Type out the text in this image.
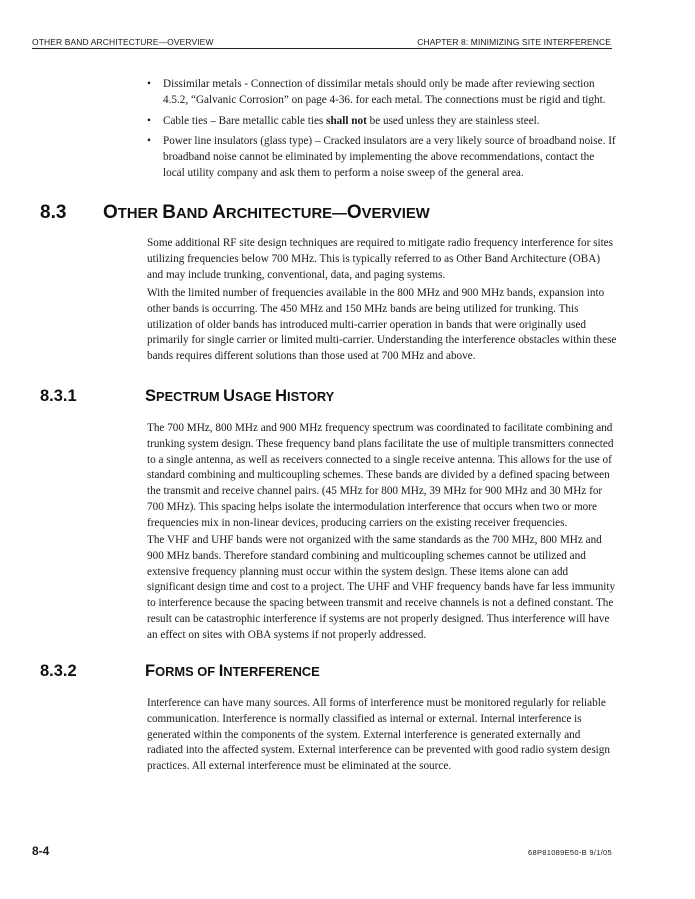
OTHER BAND ARCHITECTURE—OVERVIEW	CHAPTER 8: MINIMIZING SITE INTERFERENCE
• Dissimilar metals - Connection of dissimilar metals should only be made after reviewing section 4.5.2, “Galvanic Corrosion” on page 4-36. for each metal. The connections must be rigid and tight.
• Cable ties – Bare metallic cable ties shall not be used unless they are stainless steel.
• Power line insulators (glass type) – Cracked insulators are a very likely source of broadband noise. If broadband noise cannot be eliminated by implementing the above recommendations, contact the local utility company and ask them to perform a noise sweep of the general area.
8.3 OTHER BAND ARCHITECTURE—OVERVIEW

Some additional RF site design techniques are required to mitigate radio frequency interference for sites utilizing frequencies below 700 MHz. This is typically referred to as Other Band Architecture (OBA) and may include trunking, conventional, data, and paging systems.

With the limited number of frequencies available in the 800 MHz and 900 MHz bands, expansion into other bands is occurring. The 450 MHz and 150 MHz bands are being utilized for trunking. This utilization of older bands has introduced multi-carrier operation in bands that were originally used primarily for single carrier or limited multi-carrier. Understanding the interference obstacles within these bands requires different solutions than those used at 700 MHz and above.

8.3.1	SPECTRUM USAGE HISTORY

The 700 MHz, 800 MHz and 900 MHz frequency spectrum was coordinated to facilitate combining and trunking system design. These frequency band plans facilitate the use of multiple transmitters connected to a single antenna, as well as receivers connected to a single receive antenna. This allows for the use of standard combining and multicoupling schemes. These bands are divided by a defined spacing between the transmit and receive channel pairs. (45 MHz for 800 MHz, 39 MHz for 900 MHz and 30 MHz for 700 MHz). This spacing helps isolate the intermodulation interference that occurs when two or more frequencies mix in non-linear devices, producing carriers on the existing receiver frequencies.

The VHF and UHF bands were not organized with the same standards as the 700 MHz, 800 MHz and 900 MHz bands. Therefore standard combining and multicoupling schemes cannot be utilized and extensive frequency planning must occur within the system design. These items alone can add significant design time and cost to a project. The UHF and VHF frequency bands have far less immunity to interference because the spacing between transmit and receive channels is not a defined constant. The result can be catastrophic interference if systems are not properly designed. Thus interference will have an effect on sites with OBA systems if not properly addressed.

8.3.2	FORMS OF INTERFERENCE

Interference can have many sources. All forms of interference must be monitored regularly for reliable communication. Interference is normally classified as internal or external. Internal interference is generated within the components of the system. External interference is generated externally and radiated into the affected system. External interference can be prevented with good radio system design practices. All external interference must be eliminated at the source.

8-4	68P81089E50-B 9/1/05
